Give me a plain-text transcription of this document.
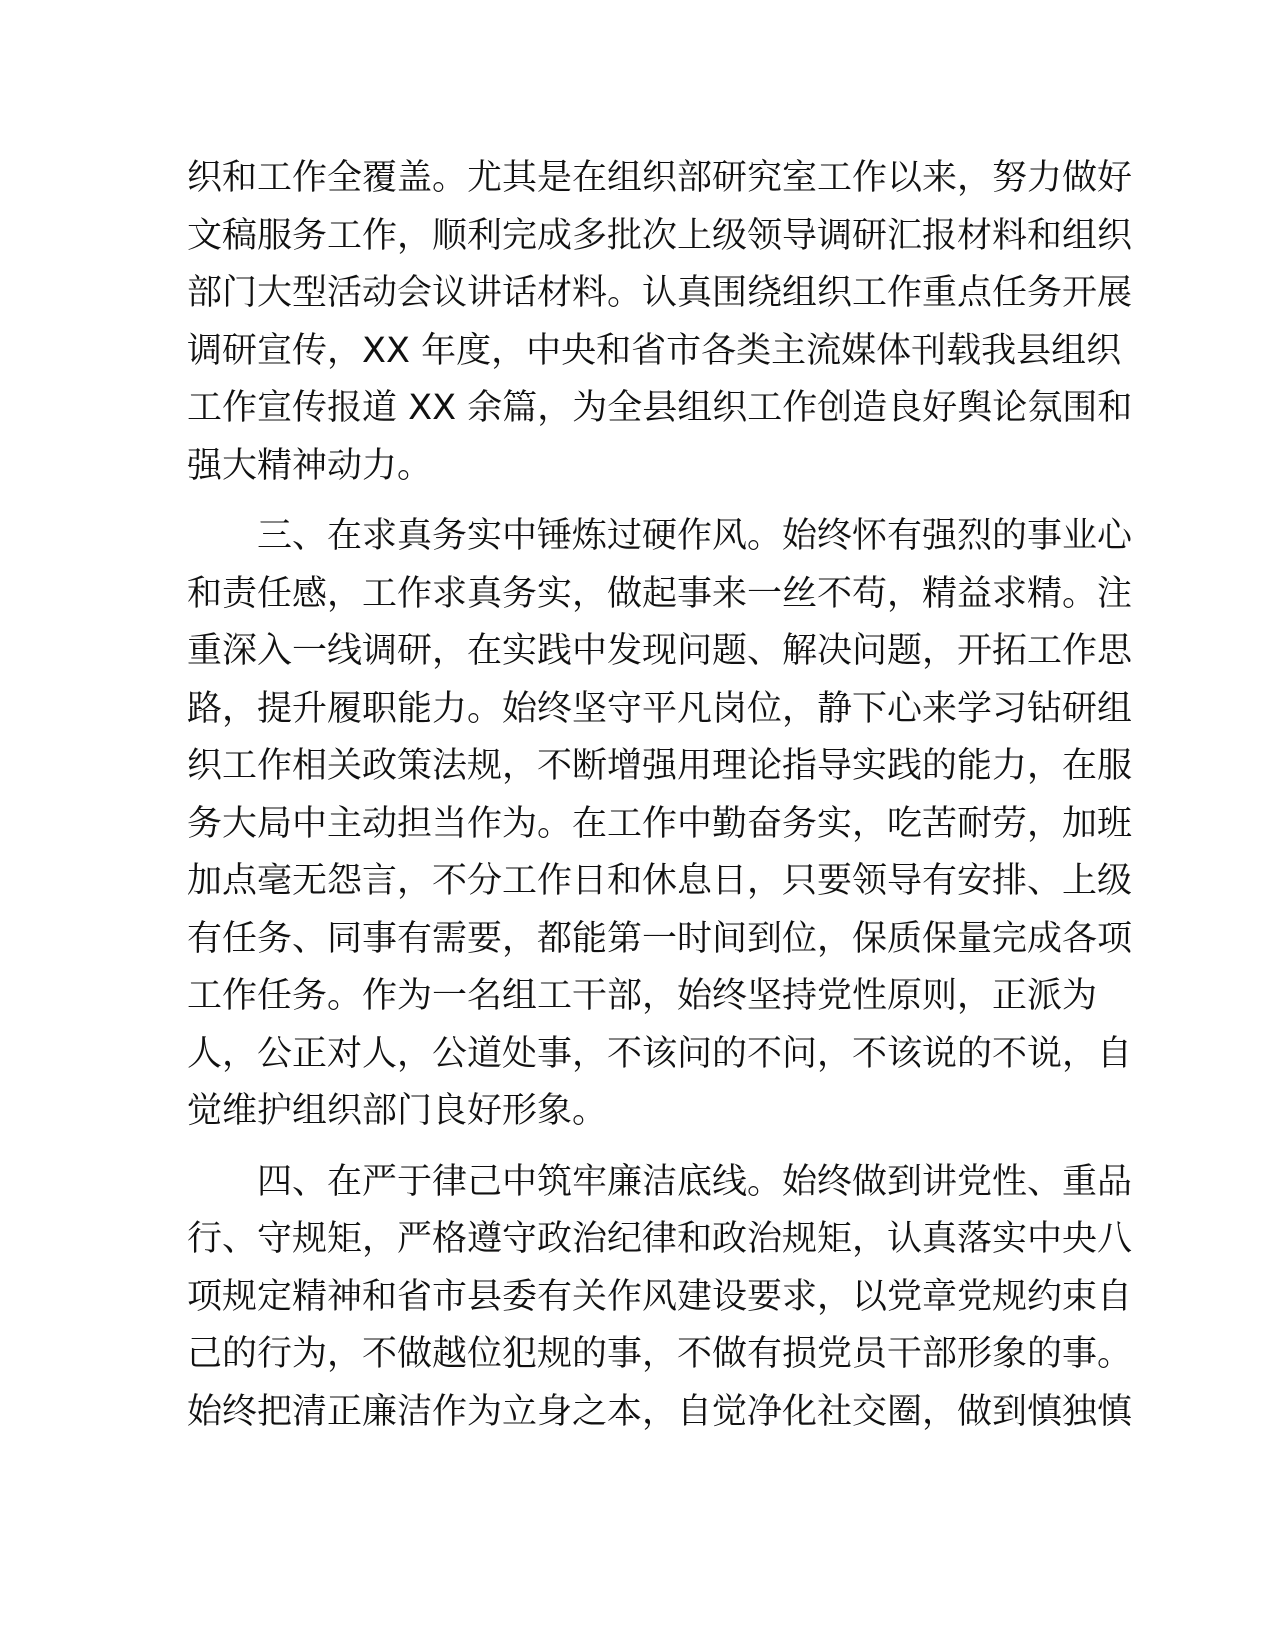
织和工作全覆盖。尤其是在组织部研究室工作以来，努力做好
文稿服务工作，顺利完成多批次上级领导调研汇报材料和组织
部门大型活动会议讲话材料。认真围绕组织工作重点任务开展
调研宣传，XX 年度，中央和省市各类主流媒体刊载我县组织
工作宣传报道 XX 余篇，为全县组织工作创造良好舆论氛围和
强大精神动力。
三、在求真务实中锤炼过硬作风。始终怀有强烈的事业心
和责任感，工作求真务实，做起事来一丝不苟，精益求精。注
重深入一线调研，在实践中发现问题、解决问题，开拓工作思
路，提升履职能力。始终坚守平凡岗位，静下心来学习钻研组
织工作相关政策法规，不断增强用理论指导实践的能力，在服
务大局中主动担当作为。在工作中勤奋务实，吃苦耐劳，加班
加点毫无怨言，不分工作日和休息日，只要领导有安排、上级
有任务、同事有需要，都能第一时间到位，保质保量完成各项
工作任务。作为一名组工干部，始终坚持党性原则，正派为
人，公正对人，公道处事，不该问的不问，不该说的不说，自
觉维护组织部门良好形象。
四、在严于律己中筑牢廉洁底线。始终做到讲党性、重品
行、守规矩，严格遵守政治纪律和政治规矩，认真落实中央八
项规定精神和省市县委有关作风建设要求，以党章党规约束自
己的行为，不做越位犯规的事，不做有损党员干部形象的事。
始终把清正廉洁作为立身之本，自觉净化社交圈，做到慎独慎
